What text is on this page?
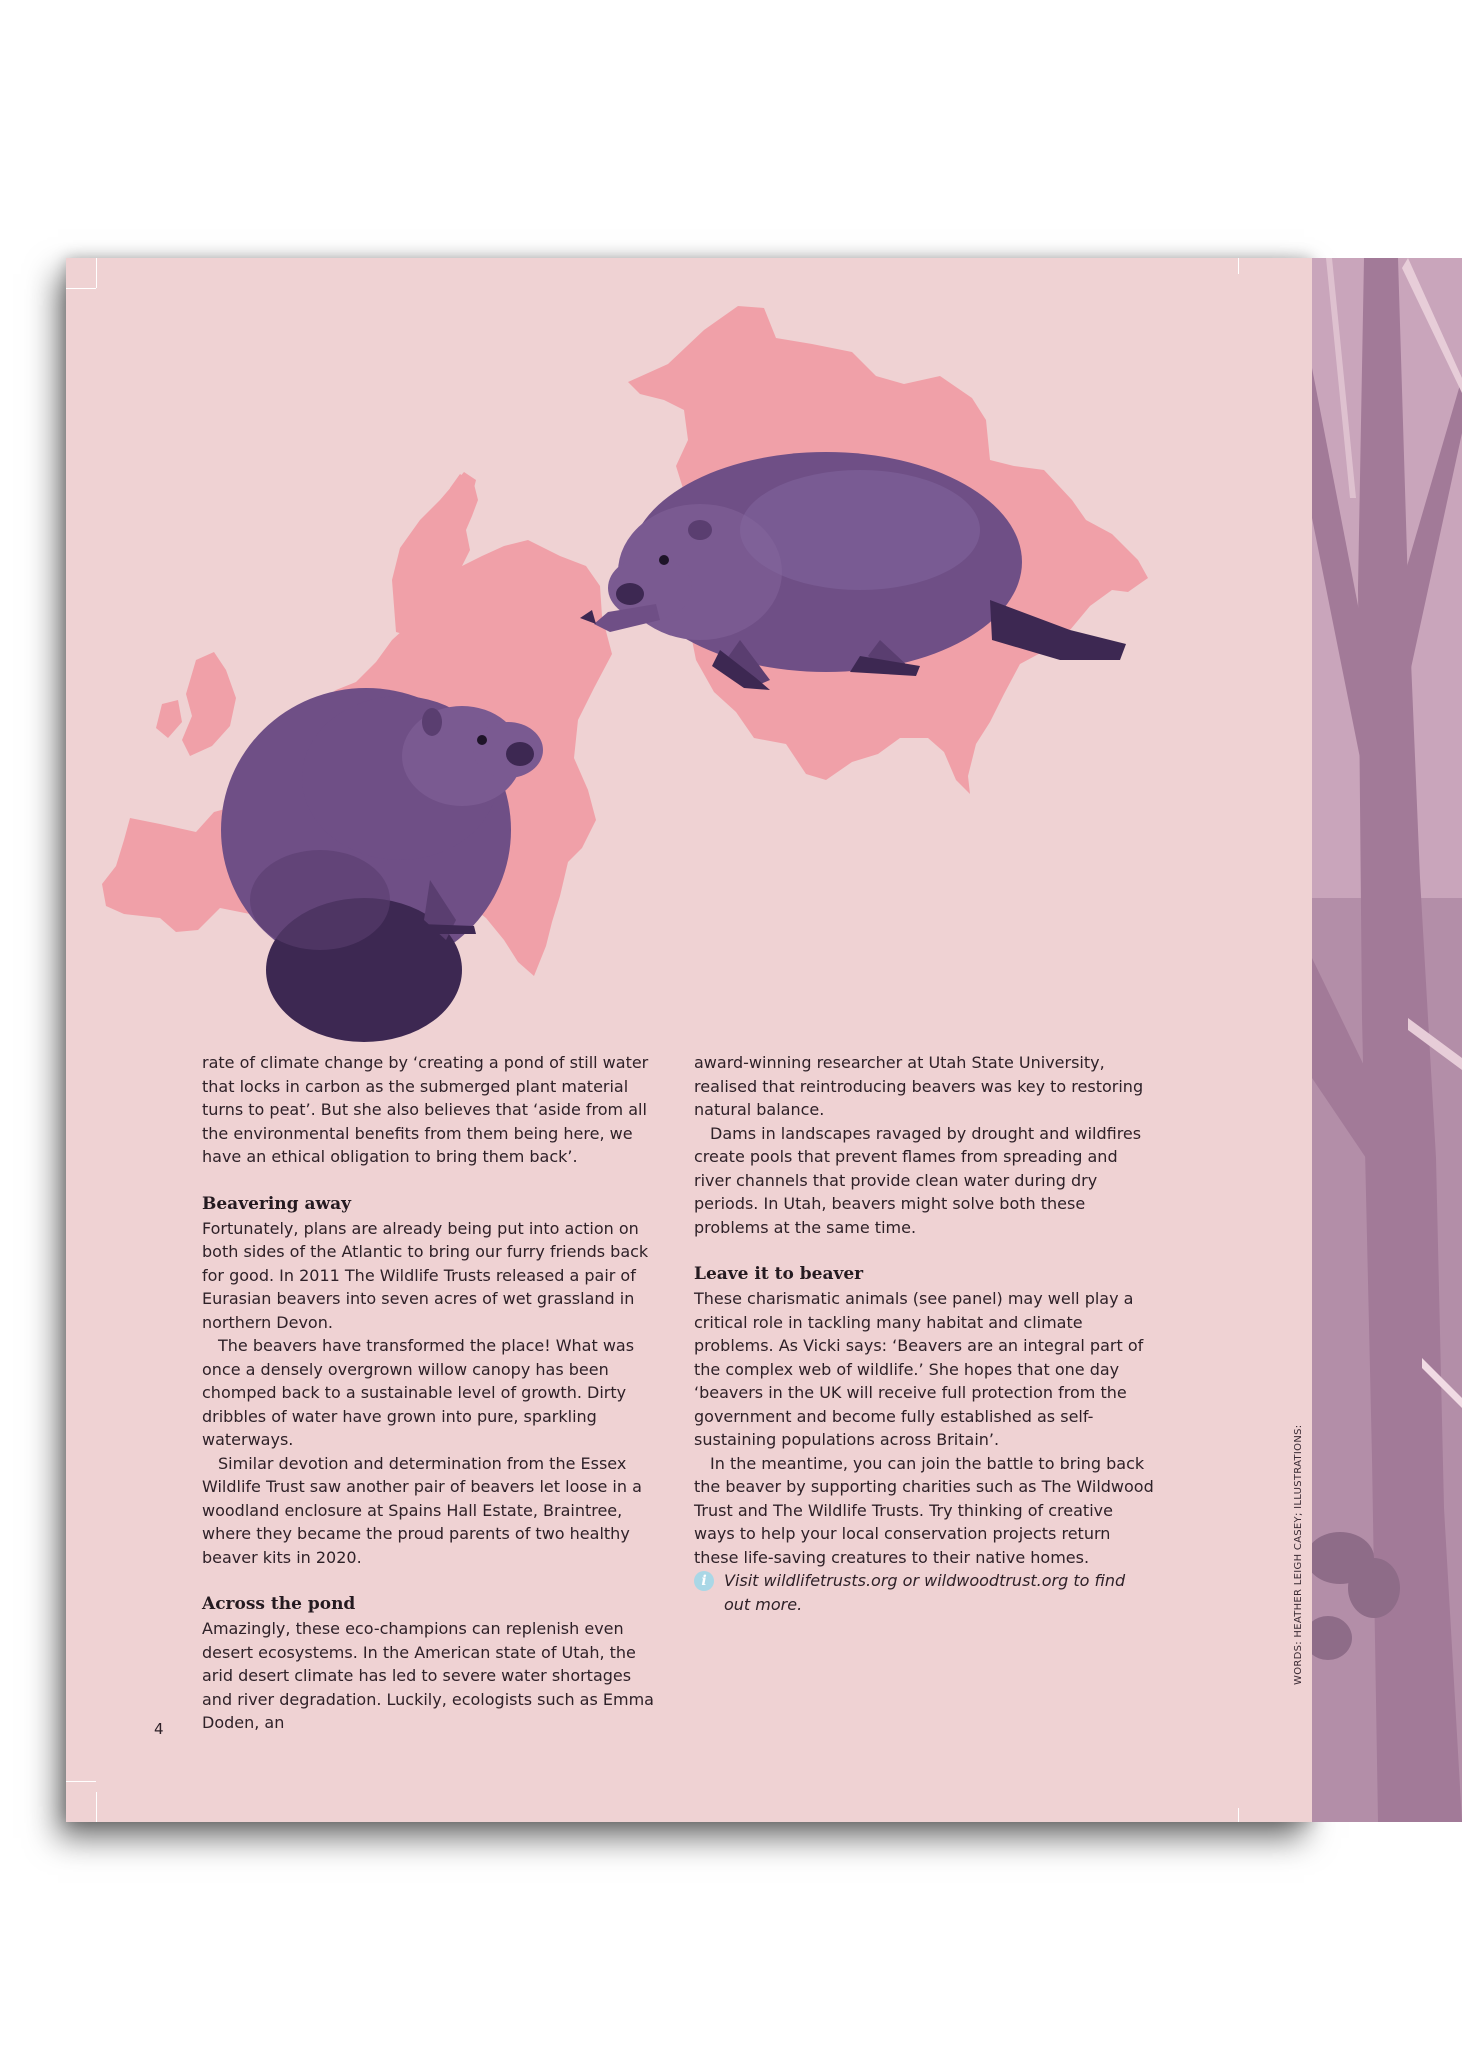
rate of climate change by ‘creating a pond of still water that locks in carbon as the submerged plant material turns to peat’. But she also believes that ‘aside from all the environmental benefits from them being here, we have an ethical obligation to bring them back’.

Beavering away

Fortunately, plans are already being put into action on both sides of the Atlantic to bring our furry friends back for good. In 2011 The Wildlife Trusts released a pair of Eurasian beavers into seven acres of wet grassland in northern Devon.

The beavers have transformed the place! What was once a densely overgrown willow canopy has been chomped back to a sustainable level of growth. Dirty dribbles of water have grown into pure, sparkling waterways.

Similar devotion and determination from the Essex Wildlife Trust saw another pair of beavers let loose in a woodland enclosure at Spains Hall Estate, Braintree, where they became the proud parents of two healthy beaver kits in 2020.

Across the pond

Amazingly, these eco-champions can replenish even desert ecosystems. In the American state of Utah, the arid desert climate has led to severe water shortages and river degradation. Luckily, ecologists such as Emma Doden, an

award-winning researcher at Utah State University, realised that reintroducing beavers was key to restoring natural balance.

Dams in landscapes ravaged by drought and wildfires create pools that prevent flames from spreading and river channels that provide clean water during dry periods. In Utah, beavers might solve both these problems at the same time.

Leave it to beaver

These charismatic animals (see panel) may well play a critical role in tackling many habitat and climate problems. As Vicki says: ‘Beavers are an integral part of the complex web of wildlife.’ She hopes that one day ‘beavers in the UK will receive full protection from the government and become fully established as self-sustaining populations across Britain’.

In the meantime, you can join the battle to bring back the beaver by supporting charities such as The Wildwood Trust and The Wildlife Trusts. Try thinking of creative ways to help your local conservation projects return these life-saving creatures to their native homes.

i	Visit wildlifetrusts.org or wildwoodtrust.org to find out more.

4
WORDS: HEATHER LEIGH CASEY; ILLUSTRATIONS:
